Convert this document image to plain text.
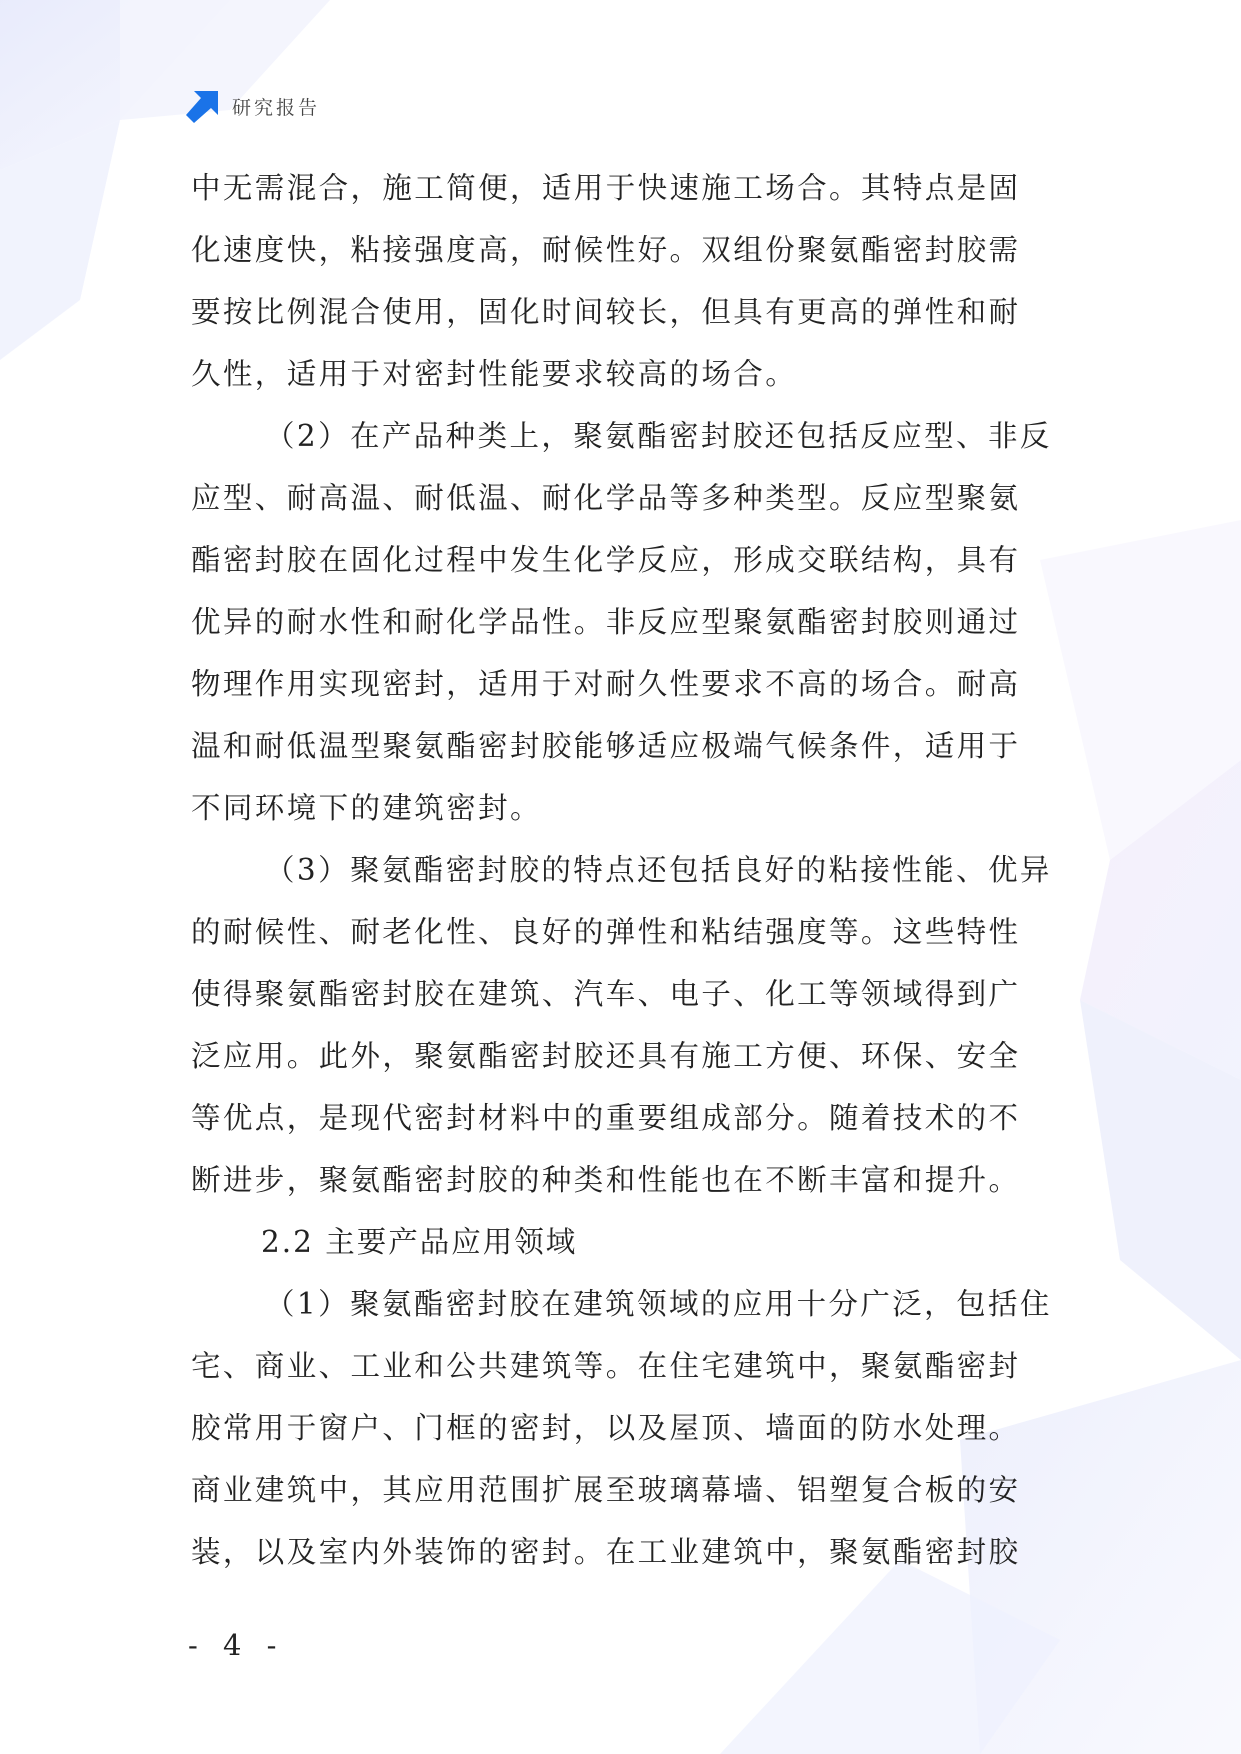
研究报告
中无需混合，施工简便，适用于快速施工场合。其特点是固
化速度快，粘接强度高，耐候性好。双组份聚氨酯密封胶需
要按比例混合使用，固化时间较长，但具有更高的弹性和耐
久性，适用于对密封性能要求较高的场合。
（2）在产品种类上，聚氨酯密封胶还包括反应型、非反
应型、耐高温、耐低温、耐化学品等多种类型。反应型聚氨
酯密封胶在固化过程中发生化学反应，形成交联结构，具有
优异的耐水性和耐化学品性。非反应型聚氨酯密封胶则通过
物理作用实现密封，适用于对耐久性要求不高的场合。耐高
温和耐低温型聚氨酯密封胶能够适应极端气候条件，适用于
不同环境下的建筑密封。
（3）聚氨酯密封胶的特点还包括良好的粘接性能、优异
的耐候性、耐老化性、良好的弹性和粘结强度等。这些特性
使得聚氨酯密封胶在建筑、汽车、电子、化工等领域得到广
泛应用。此外，聚氨酯密封胶还具有施工方便、环保、安全
等优点，是现代密封材料中的重要组成部分。随着技术的不
断进步，聚氨酯密封胶的种类和性能也在不断丰富和提升。
2.2 主要产品应用领域
（1）聚氨酯密封胶在建筑领域的应用十分广泛，包括住
宅、商业、工业和公共建筑等。在住宅建筑中，聚氨酯密封
胶常用于窗户、门框的密封，以及屋顶、墙面的防水处理。
商业建筑中，其应用范围扩展至玻璃幕墙、铝塑复合板的安
装，以及室内外装饰的密封。在工业建筑中，聚氨酯密封胶
- 4 -
